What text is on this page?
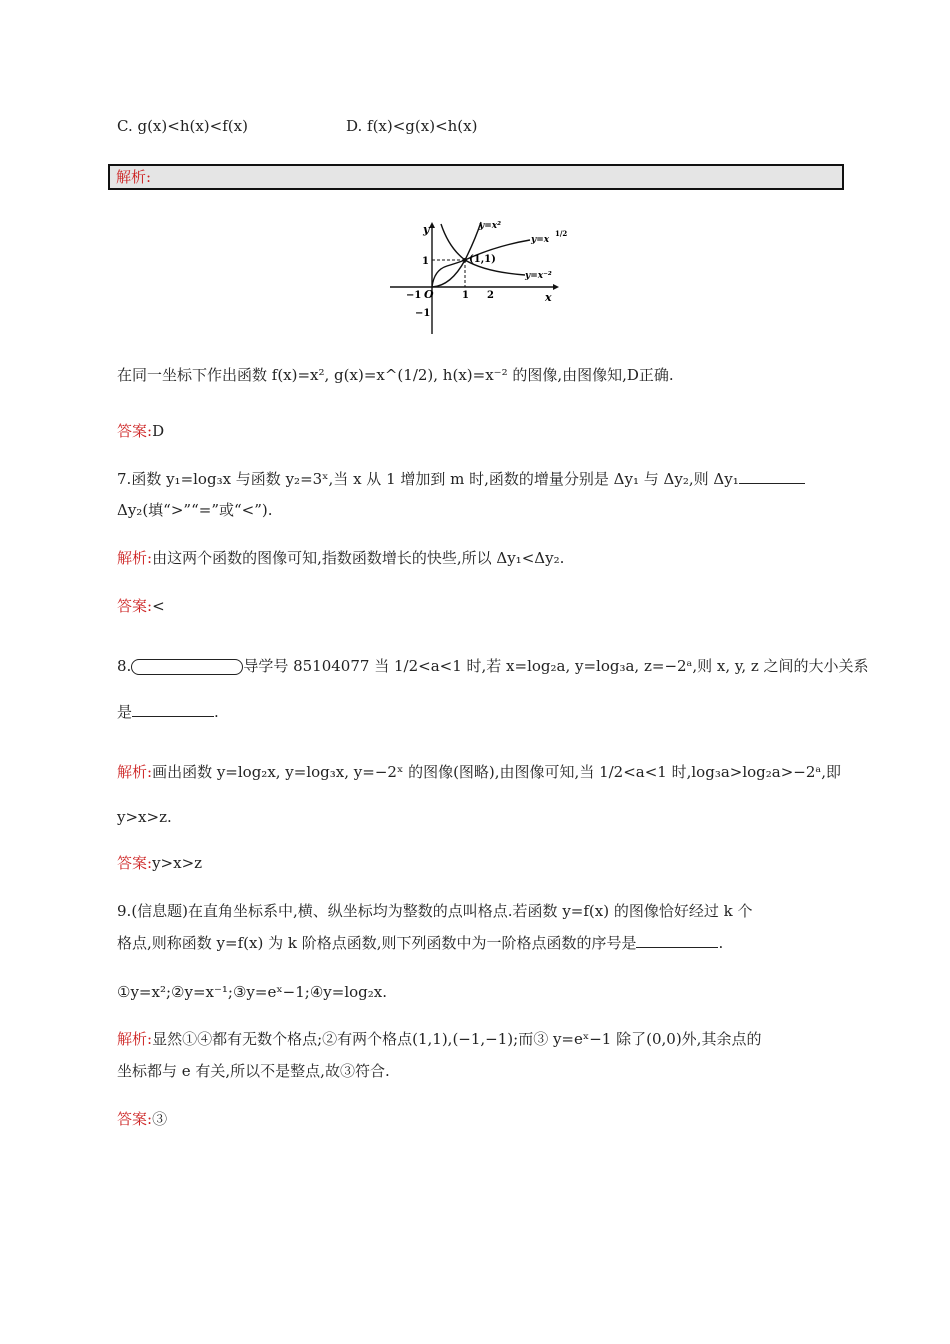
C. g(x)<h(x)<f(x)	D. f(x)<g(x)<h(x)
解析:
y
x
O
−1	1 2
1
−1
(1,1)
y=x²
y=x
1/2
y=x⁻²
在同一坐标下作出函数 f(x)=x², g(x)=x^(1/2), h(x)=x⁻² 的图像,由图像知,D正确.
答案:D
7.函数 y₁=log₃x 与函数 y₂=3ˣ,当 x 从 1 增加到 m 时,函数的增量分别是 Δy₁ 与 Δy₂,则 Δy₁
Δy₂(填“>”“=”或“<”).
解析:由这两个函数的图像可知,指数函数增长的快些,所以 Δy₁<Δy₂.
答案:<
8.	导学号 85104077 当 1/2<a<1 时,若 x=log₂a, y=log₃a, z=−2ᵃ,则 x, y, z 之间的大小关系
是	.
解析:画出函数 y=log₂x, y=log₃x, y=−2ˣ 的图像(图略),由图像可知,当 1/2<a<1 时,log₃a>log₂a>−2ᵃ,即
y>x>z.
答案:y>x>z
9.(信息题)在直角坐标系中,横、纵坐标均为整数的点叫格点.若函数 y=f(x) 的图像恰好经过 k 个
格点,则称函数 y=f(x) 为 k 阶格点函数,则下列函数中为一阶格点函数的序号是	.
①y=x²;②y=x⁻¹;③y=eˣ−1;④y=log₂x.
解析:显然①④都有无数个格点;②有两个格点(1,1),(−1,−1);而③ y=eˣ−1 除了(0,0)外,其余点的
坐标都与 e 有关,所以不是整点,故③符合.
答案:③
